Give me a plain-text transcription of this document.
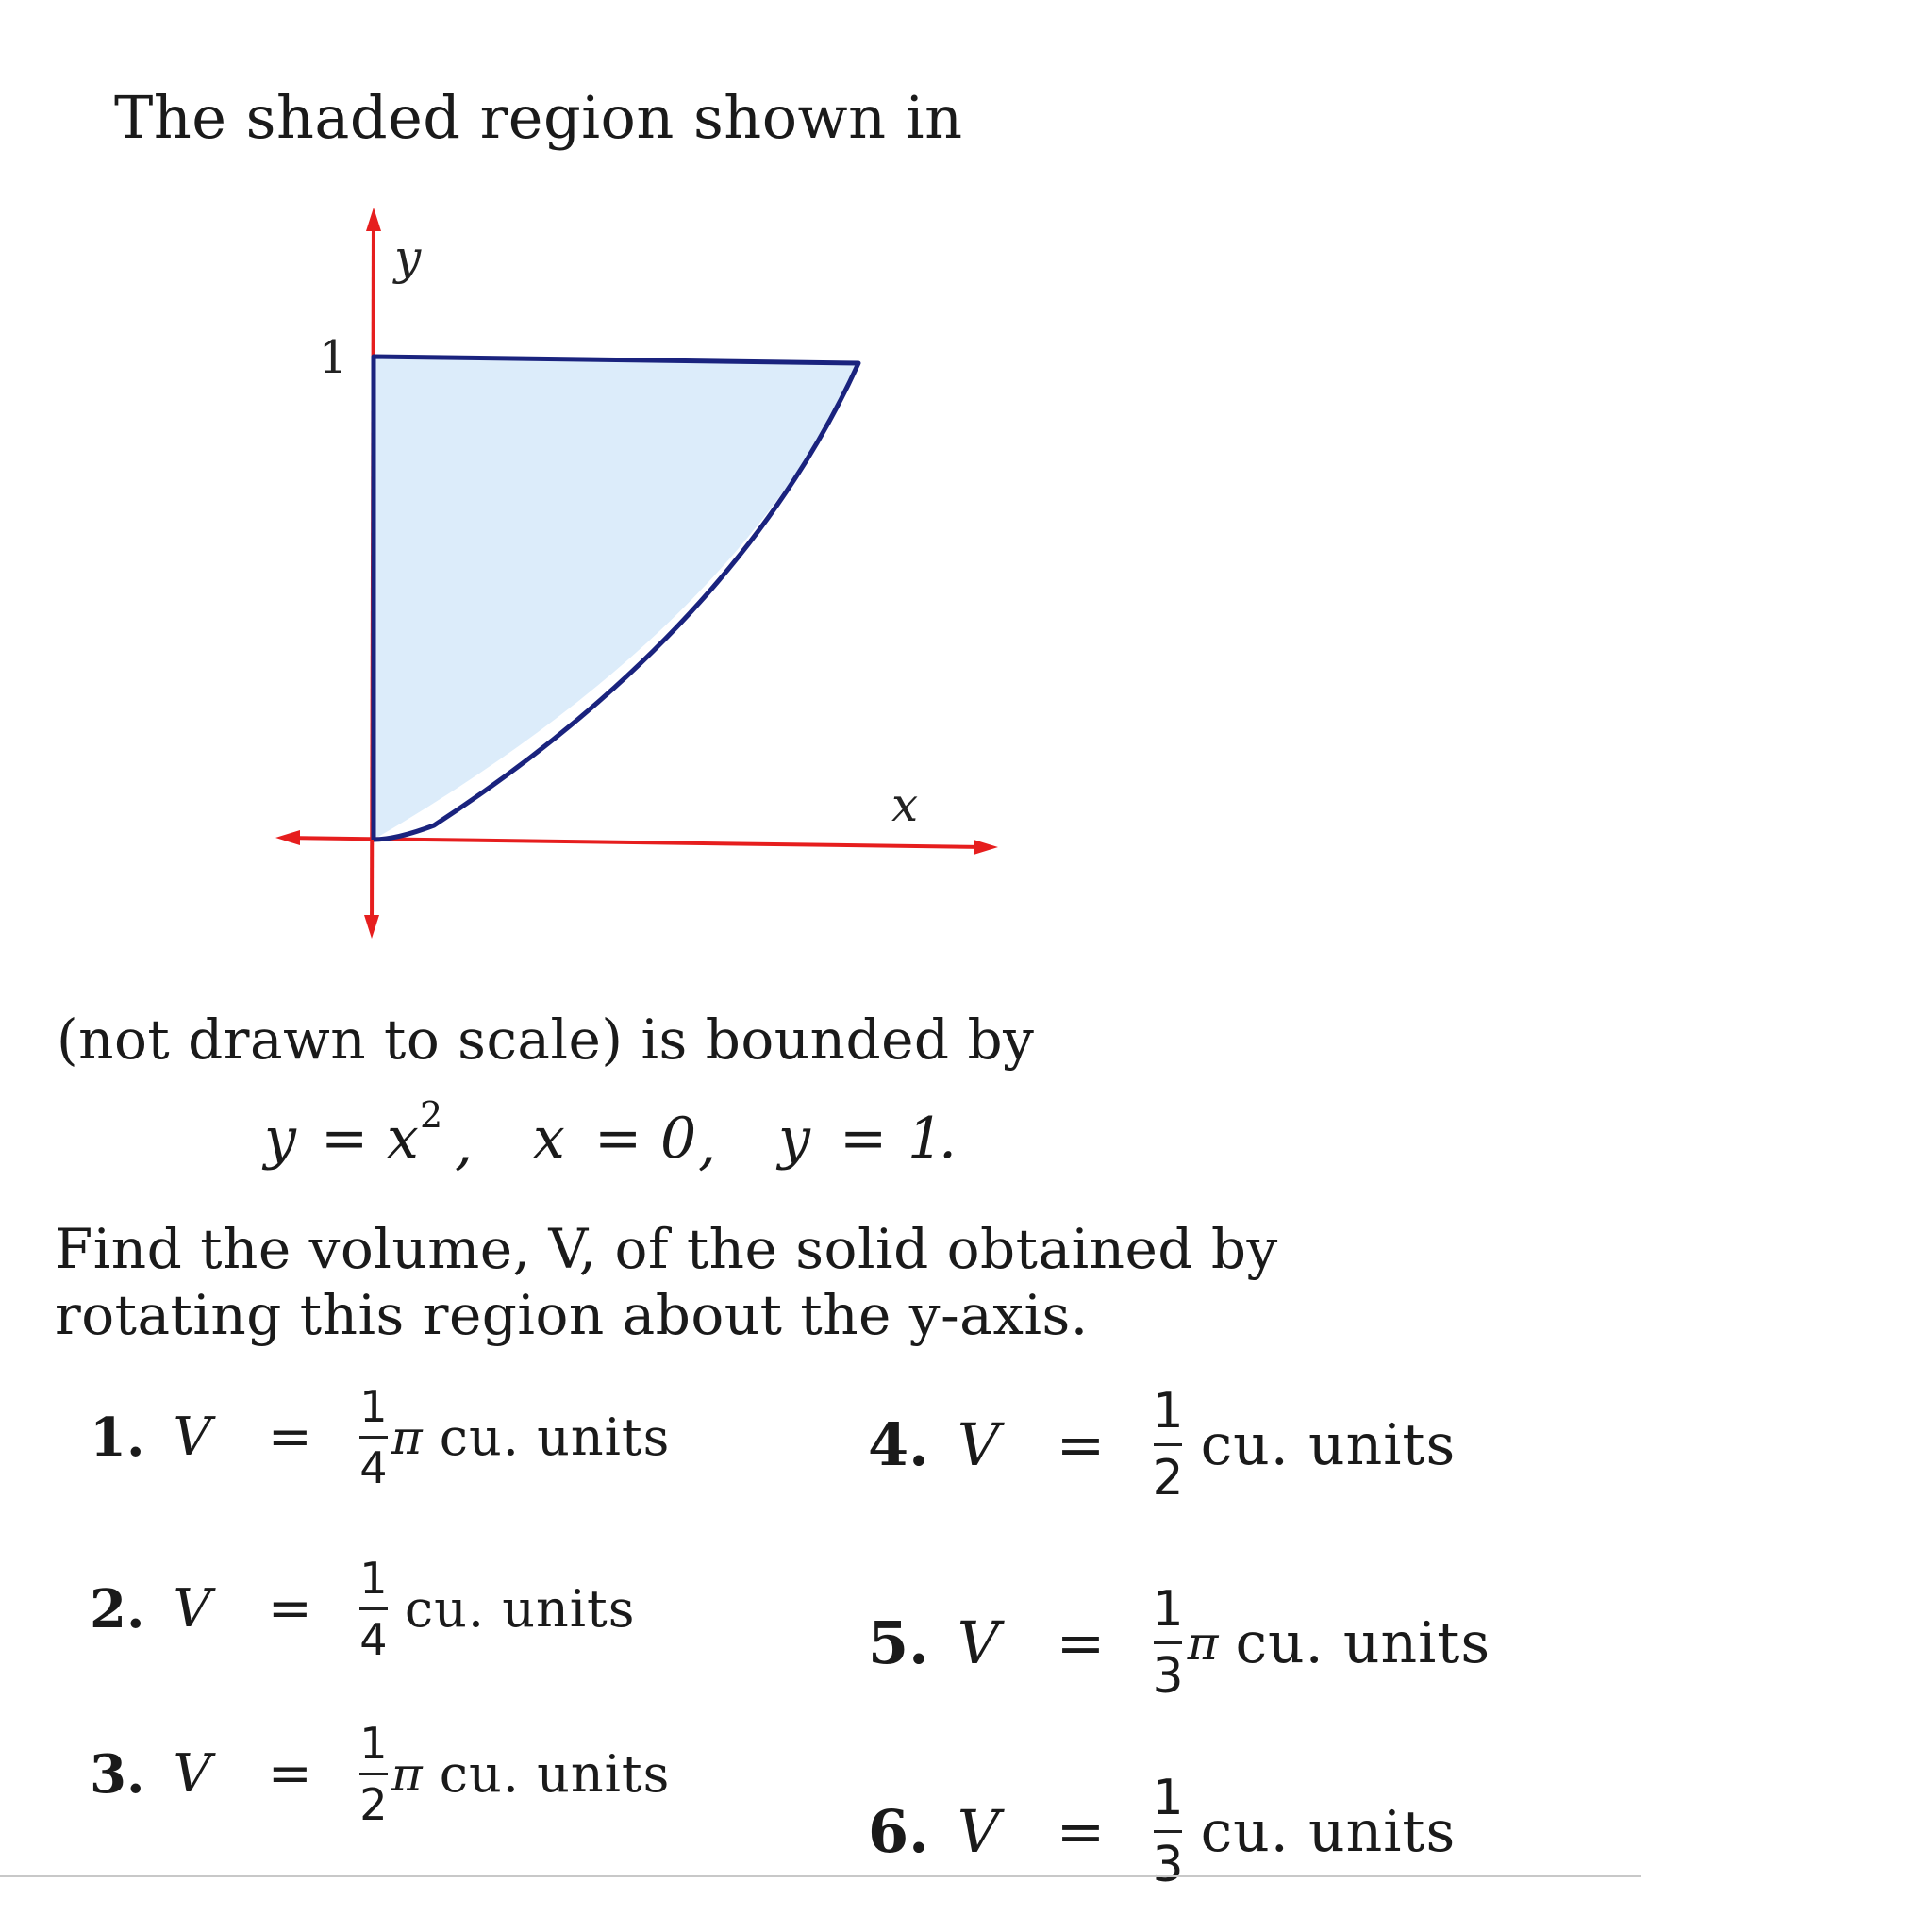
The shaded region shown in
y
x
1
(not drawn to scale) is bounded by
y = x 2 , x = 0 , y = 1
.
Find the volume, V, of the solid obtained by
rotating this region about the y-axis.
1. $V = \frac{1}{4}$ π cu. units
2. $V = \frac{1}{4}$ cu. units
3. $V = \frac{1}{2}$ π cu. units
4. $V = \frac{1}{2}$ cu. units
5. $V = \frac{1}{3}$ π cu. units
6. $V = \frac{1}{3}$ cu. units
